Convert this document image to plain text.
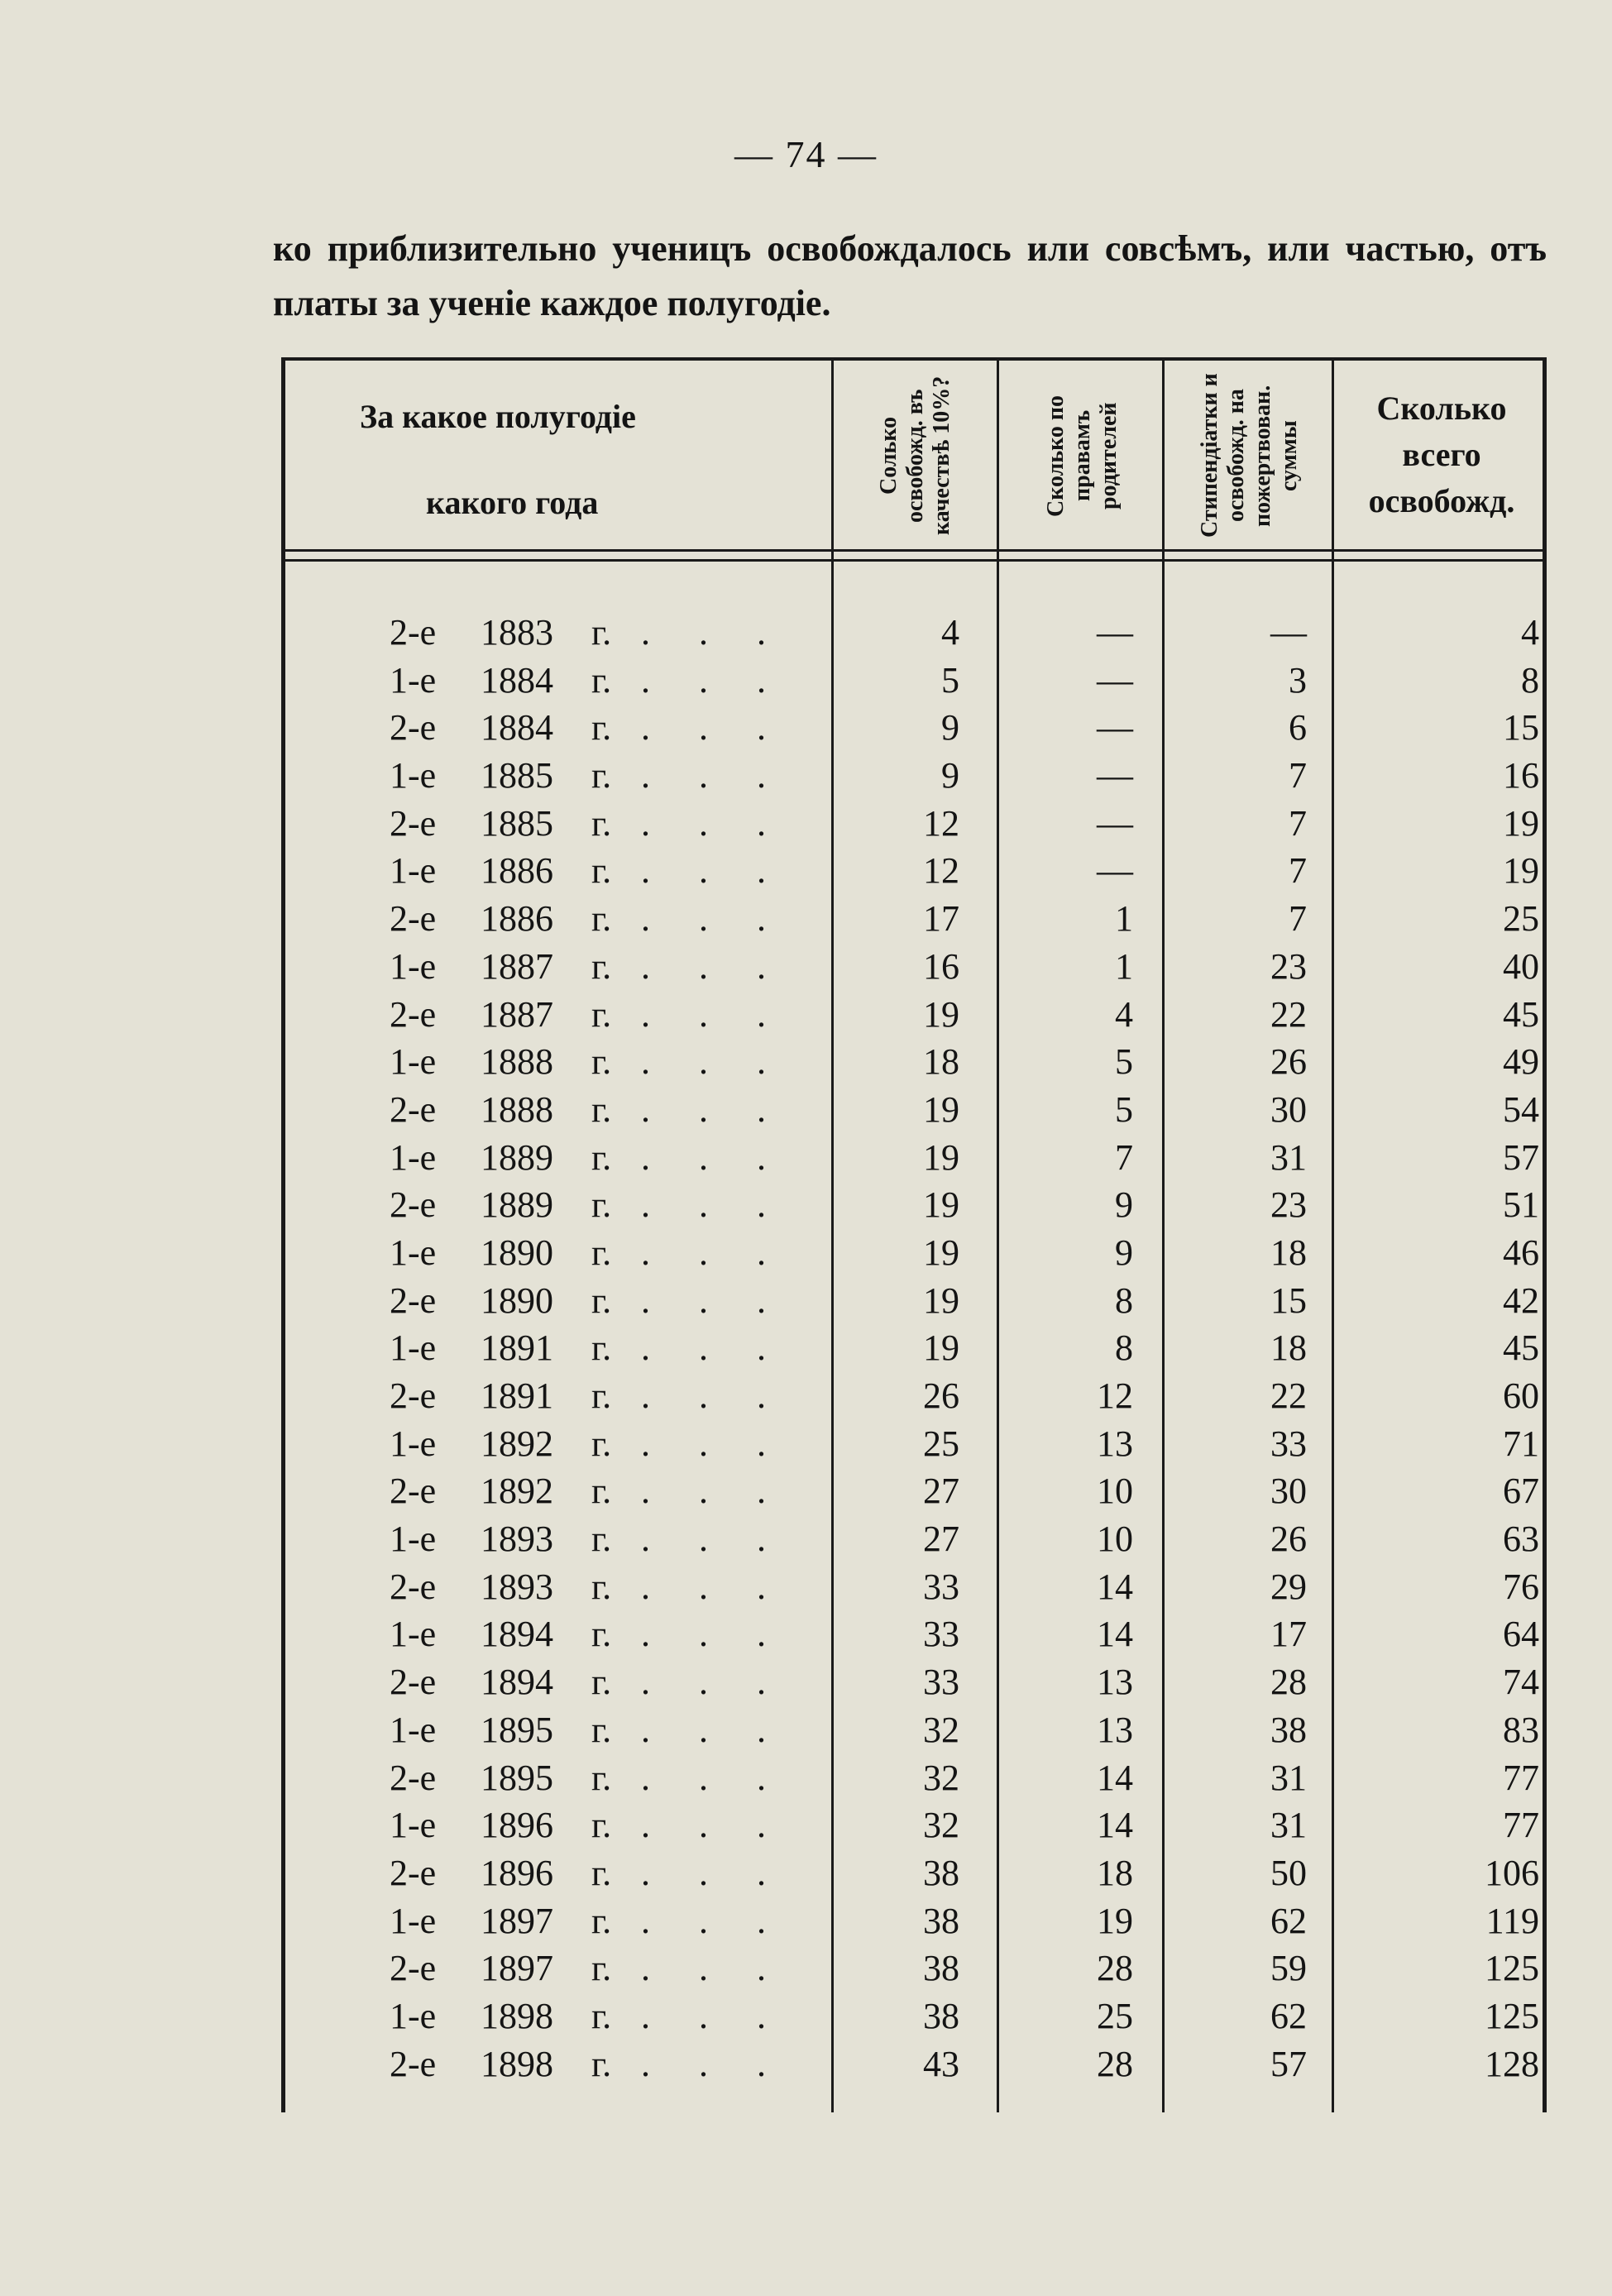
— 74 —
ко приблизительно ученицъ освобождалось или совсѣмъ, или частью, отъ платы за ученіе каждое полугодіе.
За какое полугодіе
какого года
Солько освобожд. въ качествѣ 10%?	Сколько по правамъ родителей	Стипендіатки и освобожд. на пожертвован. суммы
Сколько всего освобожд.
2-е	1883	г. . . .	4	—	—	4
1-е	1884	г. . . .	5	—	3	8
2-е	1884	г. . . .	9	—	6	15
1-е	1885	г. . . .	9	—	7	16
2-е	1885	г. . . .	12	—	7	19
1-е	1886	г. . . .	12	—	7	19
2-е	1886	г. . . .	17	1	7	25
1-е	1887	г. . . .	16	1	23	40
2-е	1887	г. . . .	19	4	22	45
1-е	1888	г. . . .	18	5	26	49
2-е	1888	г. . . .	19	5	30	54
1-е	1889	г. . . .	19	7	31	57
2-е	1889	г. . . .	19	9	23	51
1-е	1890	г. . . .	19	9	18	46
2-е	1890	г. . . .	19	8	15	42
1-е	1891	г. . . .	19	8	18	45
2-е	1891	г. . . .	26	12	22	60
1-е	1892	г. . . .	25	13	33	71
2-е	1892	г. . . .	27	10	30	67
1-е	1893	г. . . .	27	10	26	63
2-е	1893	г. . . .	33	14	29	76
1-е	1894	г. . . .	33	14	17	64
2-е	1894	г. . . .	33	13	28	74
1-е	1895	г. . . .	32	13	38	83
2-е	1895	г. . . .	32	14	31	77
1-е	1896	г. . . .	32	14	31	77
2-е	1896	г. . . .	38	18	50	106
1-е	1897	г. . . .	38	19	62	119
2-е	1897	г. . . .	38	28	59	125
1-е	1898	г. . . .	38	25	62	125
2-е	1898	г. . . .	43	28	57	128
